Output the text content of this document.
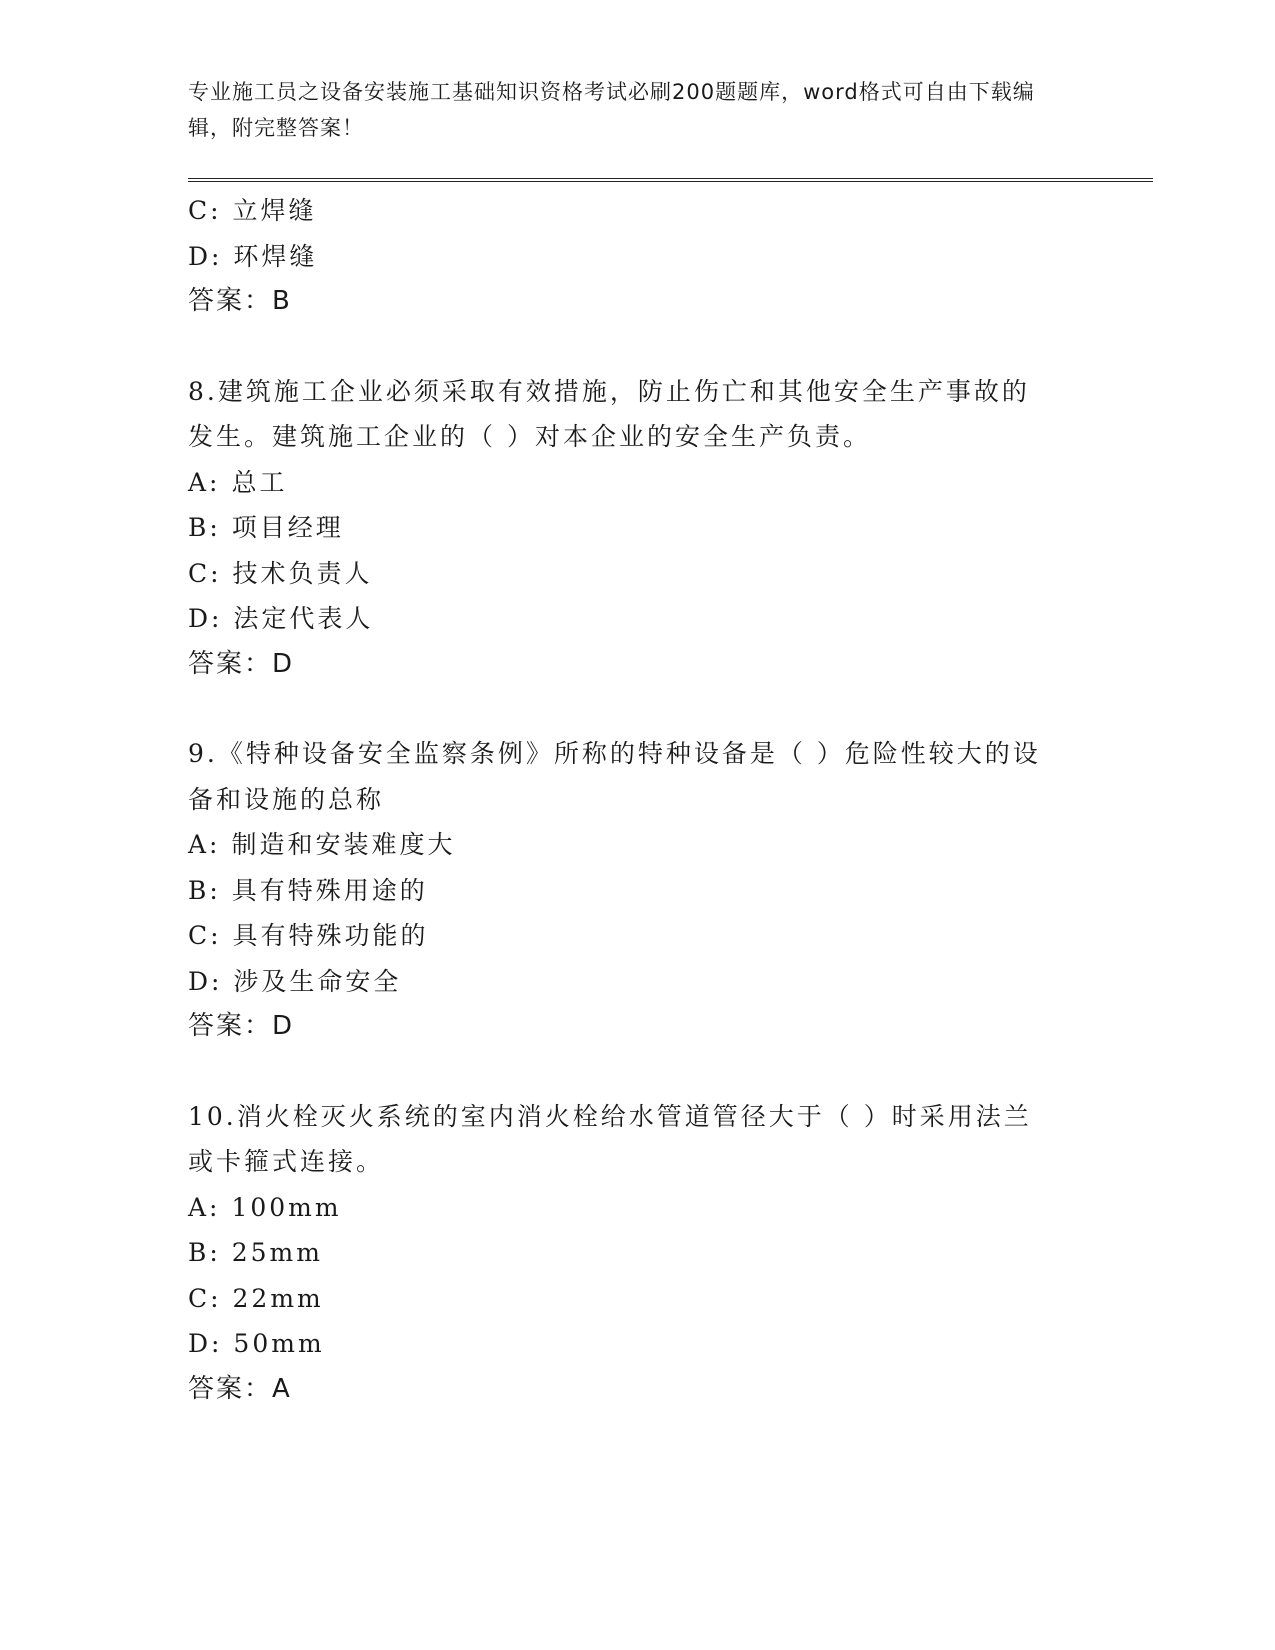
专业施工员之设备安装施工基础知识资格考试必刷200题题库，word格式可自由下载编辑，附完整答案！
C: 立焊缝
D: 环焊缝
答案：B
8.建筑施工企业必须采取有效措施，防止伤亡和其他安全生产事故的
发生。建筑施工企业的（ ）对本企业的安全生产负责。
A: 总工
B: 项目经理
C: 技术负责人
D: 法定代表人
答案：D
9.《特种设备安全监察条例》所称的特种设备是（ ）危险性较大的设
备和设施的总称
A: 制造和安装难度大
B: 具有特殊用途的
C: 具有特殊功能的
D: 涉及生命安全
答案：D
10.消火栓灭火系统的室内消火栓给水管道管径大于（ ）时采用法兰
或卡箍式连接。
A: 100mm
B: 25mm
C: 22mm
D: 50mm
答案：A
